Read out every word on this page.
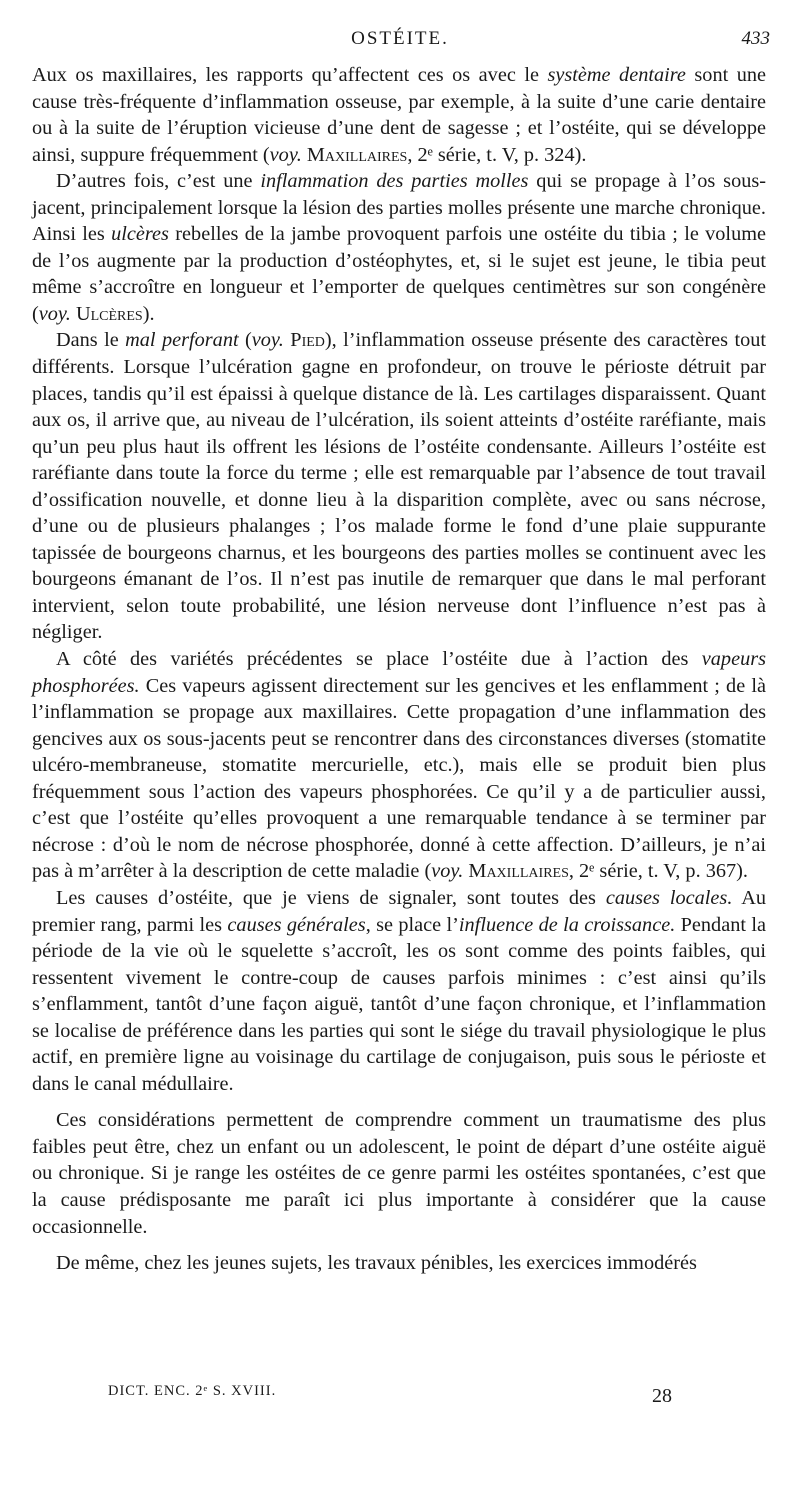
OSTÉITE.	433

Aux os maxillaires, les rapports qu’affectent ces os avec le système dentaire sont une cause très-fréquente d’inflammation osseuse, par exemple, à la suite d’une carie dentaire ou à la suite de l’éruption vicieuse d’une dent de sagesse ; et l’ostéite, qui se développe ainsi, suppure fréquemment (voy. Maxillaires, 2ᵉ série, t. V, p. 324).

D’autres fois, c’est une inflammation des parties molles qui se propage à l’os sous-jacent, principalement lorsque la lésion des parties molles présente une marche chronique. Ainsi les ulcères rebelles de la jambe provoquent parfois une ostéite du tibia ; le volume de l’os augmente par la production d’ostéophytes, et, si le sujet est jeune, le tibia peut même s’accroître en longueur et l’emporter de quelques centimètres sur son congénère (voy. Ulcères).

Dans le mal perforant (voy. Pied), l’inflammation osseuse présente des caractères tout différents. Lorsque l’ulcération gagne en profondeur, on trouve le périoste détruit par places, tandis qu’il est épaissi à quelque distance de là. Les cartilages disparaissent. Quant aux os, il arrive que, au niveau de l’ulcération, ils soient atteints d’ostéite raréfiante, mais qu’un peu plus haut ils offrent les lésions de l’ostéite condensante. Ailleurs l’ostéite est raréfiante dans toute la force du terme ; elle est remarquable par l’absence de tout travail d’ossification nouvelle, et donne lieu à la disparition complète, avec ou sans nécrose, d’une ou de plusieurs phalanges ; l’os malade forme le fond d’une plaie suppurante tapissée de bourgeons charnus, et les bourgeons des parties molles se continuent avec les bourgeons émanant de l’os. Il n’est pas inutile de remarquer que dans le mal perforant intervient, selon toute probabilité, une lésion nerveuse dont l’influence n’est pas à négliger.

A côté des variétés précédentes se place l’ostéite due à l’action des vapeurs phosphorées. Ces vapeurs agissent directement sur les gencives et les enflamment ; de là l’inflammation se propage aux maxillaires. Cette propagation d’une inflammation des gencives aux os sous-jacents peut se rencontrer dans des circonstances diverses (stomatite ulcéro-membraneuse, stomatite mercurielle, etc.), mais elle se produit bien plus fréquemment sous l’action des vapeurs phosphorées. Ce qu’il y a de particulier aussi, c’est que l’ostéite qu’elles provoquent a une remarquable tendance à se terminer par nécrose : d’où le nom de nécrose phosphorée, donné à cette affection. D’ailleurs, je n’ai pas à m’arrêter à la description de cette maladie (voy. Maxillaires, 2ᵉ série, t. V, p. 367).

Les causes d’ostéite, que je viens de signaler, sont toutes des causes locales. Au premier rang, parmi les causes générales, se place l’influence de la croissance. Pendant la période de la vie où le squelette s’accroît, les os sont comme des points faibles, qui ressentent vivement le contre-coup de causes parfois minimes : c’est ainsi qu’ils s’enflamment, tantôt d’une façon aiguë, tantôt d’une façon chronique, et l’inflammation se localise de préférence dans les parties qui sont le siége du travail physiologique le plus actif, en première ligne au voisinage du cartilage de conjugaison, puis sous le périoste et dans le canal médullaire.

Ces considérations permettent de comprendre comment un traumatisme des plus faibles peut être, chez un enfant ou un adolescent, le point de départ d’une ostéite aiguë ou chronique. Si je range les ostéites de ce genre parmi les ostéites spontanées, c’est que la cause prédisposante me paraît ici plus importante à considérer que la cause occasionnelle.

De même, chez les jeunes sujets, les travaux pénibles, les exercices immodérés

DICT. ENC. 2ᵉ S. XVIII.	28
